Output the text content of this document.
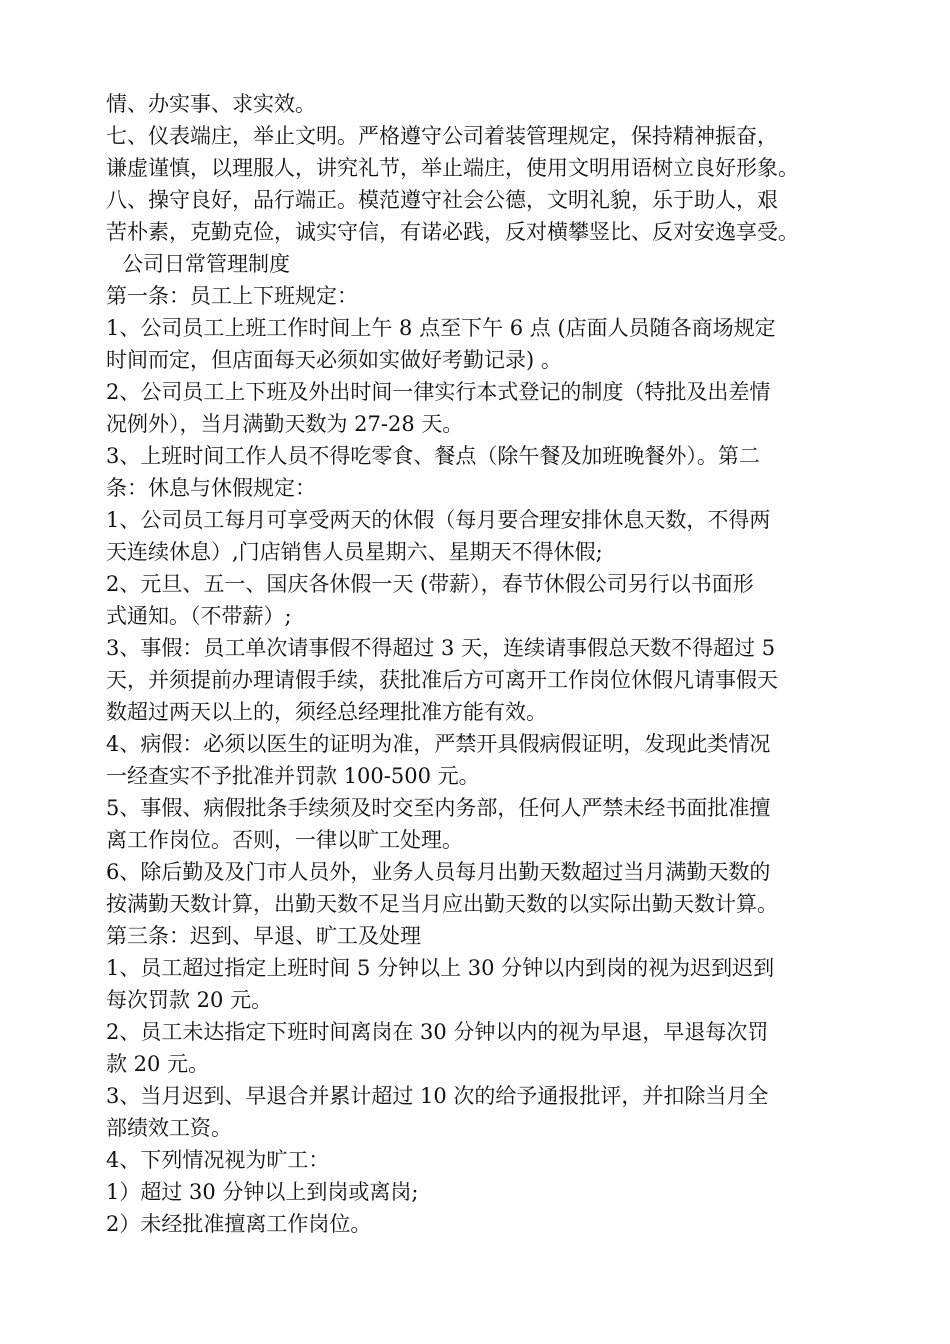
情、办实事、求实效。
七、仪表端庄，举止文明。严格遵守公司着装管理规定，保持精神振奋，
谦虚谨慎，以理服人，讲究礼节，举止端庄，使用文明用语树立良好形象。
八、操守良好，品行端正。模范遵守社会公德，文明礼貌，乐于助人，艰
苦朴素，克勤克俭，诚实守信，有诺必践，反对横攀竖比、反对安逸享受。
公司日常管理制度
第一条：员工上下班规定：
1、公司员工上班工作时间上午 8 点至下午 6 点 (店面人员随各商场规定
时间而定，但店面每天必须如实做好考勤记录) 。
2、公司员工上下班及外出时间一律实行本式登记的制度（特批及出差情
况例外），当月满勤天数为 27-28 天。
3、上班时间工作人员不得吃零食、餐点（除午餐及加班晚餐外）。第二
条：休息与休假规定：
1、公司员工每月可享受两天的休假（每月要合理安排休息天数，不得两
天连续休息）,门店销售人员星期六、星期天不得休假;
2、元旦、五一、国庆各休假一天 (带薪），春节休假公司另行以书面形
式通知。（不带薪）;
3、事假：员工单次请事假不得超过 3 天，连续请事假总天数不得超过 5
天，并须提前办理请假手续，获批准后方可离开工作岗位休假凡请事假天
数超过两天以上的，须经总经理批准方能有效。
4、病假：必须以医生的证明为准，严禁开具假病假证明，发现此类情况
一经查实不予批准并罚款 100-500 元。
5、事假、病假批条手续须及时交至内务部，任何人严禁未经书面批准擅
离工作岗位。否则，一律以旷工处理。
6、除后勤及及门市人员外，业务人员每月出勤天数超过当月满勤天数的
按满勤天数计算，出勤天数不足当月应出勤天数的以实际出勤天数计算。
第三条：迟到、早退、旷工及处理
1、员工超过指定上班时间 5 分钟以上 30 分钟以内到岗的视为迟到迟到
每次罚款 20 元。
2、员工未达指定下班时间离岗在 30 分钟以内的视为早退，早退每次罚
款 20 元。
3、当月迟到、早退合并累计超过 10 次的给予通报批评，并扣除当月全
部绩效工资。
4、下列情况视为旷工：
1）超过 30 分钟以上到岗或离岗;
2）未经批准擅离工作岗位。
